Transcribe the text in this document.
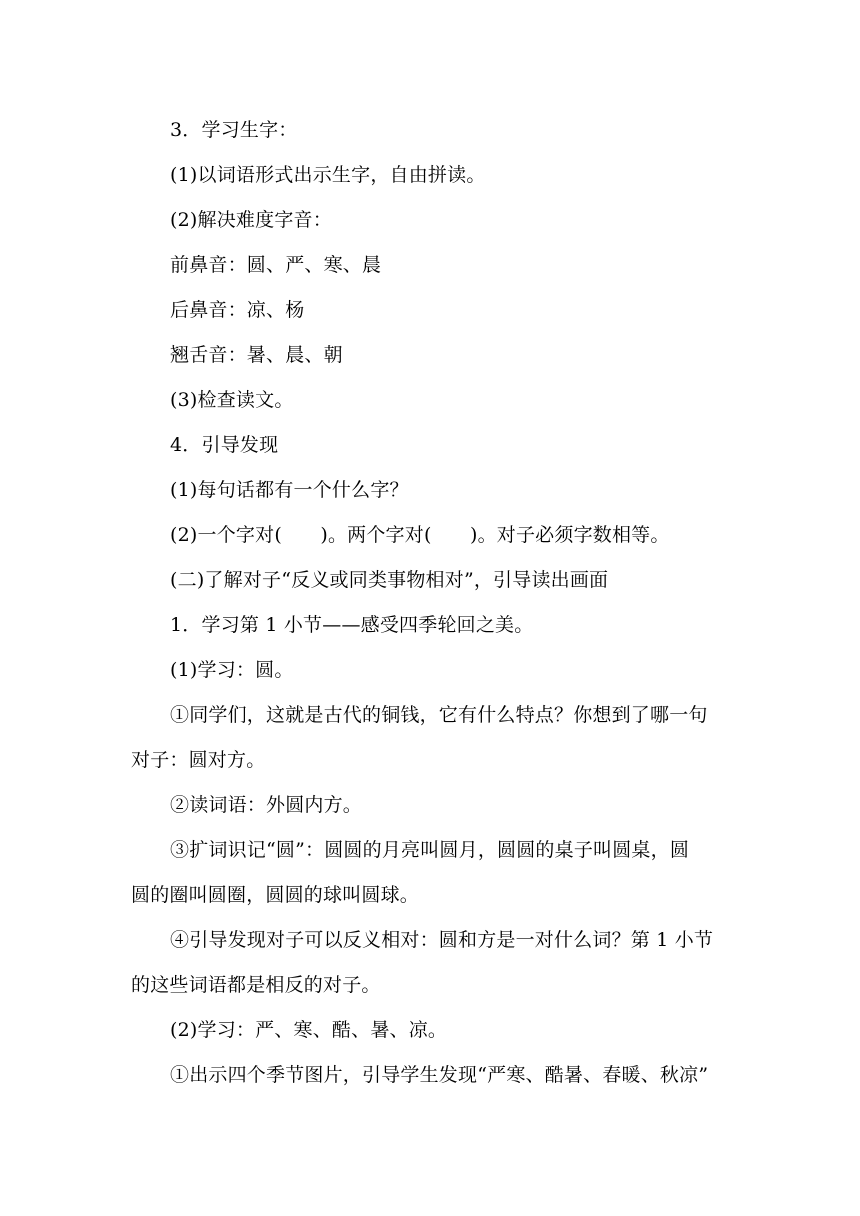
3．学习生字：
(1)以词语形式出示生字，自由拼读。
(2)解决难度字音：
前鼻音：圆、严、寒、晨
后鼻音：凉、杨
翘舌音：暑、晨、朝
(3)检查读文。
4．引导发现
(1)每句话都有一个什么字？
(2)一个字对(　　)。两个字对(　　)。对子必须字数相等。
(二)了解对子“反义或同类事物相对”，引导读出画面
1．学习第 1 小节——感受四季轮回之美。
(1)学习：圆。
①同学们，这就是古代的铜钱，它有什么特点？你想到了哪一句
对子：圆对方。
②读词语：外圆内方。
③扩词识记“圆”：圆圆的月亮叫圆月，圆圆的桌子叫圆桌，圆
圆的圈叫圆圈，圆圆的球叫圆球。
④引导发现对子可以反义相对：圆和方是一对什么词？第 1 小节
的这些词语都是相反的对子。
(2)学习：严、寒、酷、暑、凉。
①出示四个季节图片，引导学生发现“严寒、酷暑、春暖、秋凉”
